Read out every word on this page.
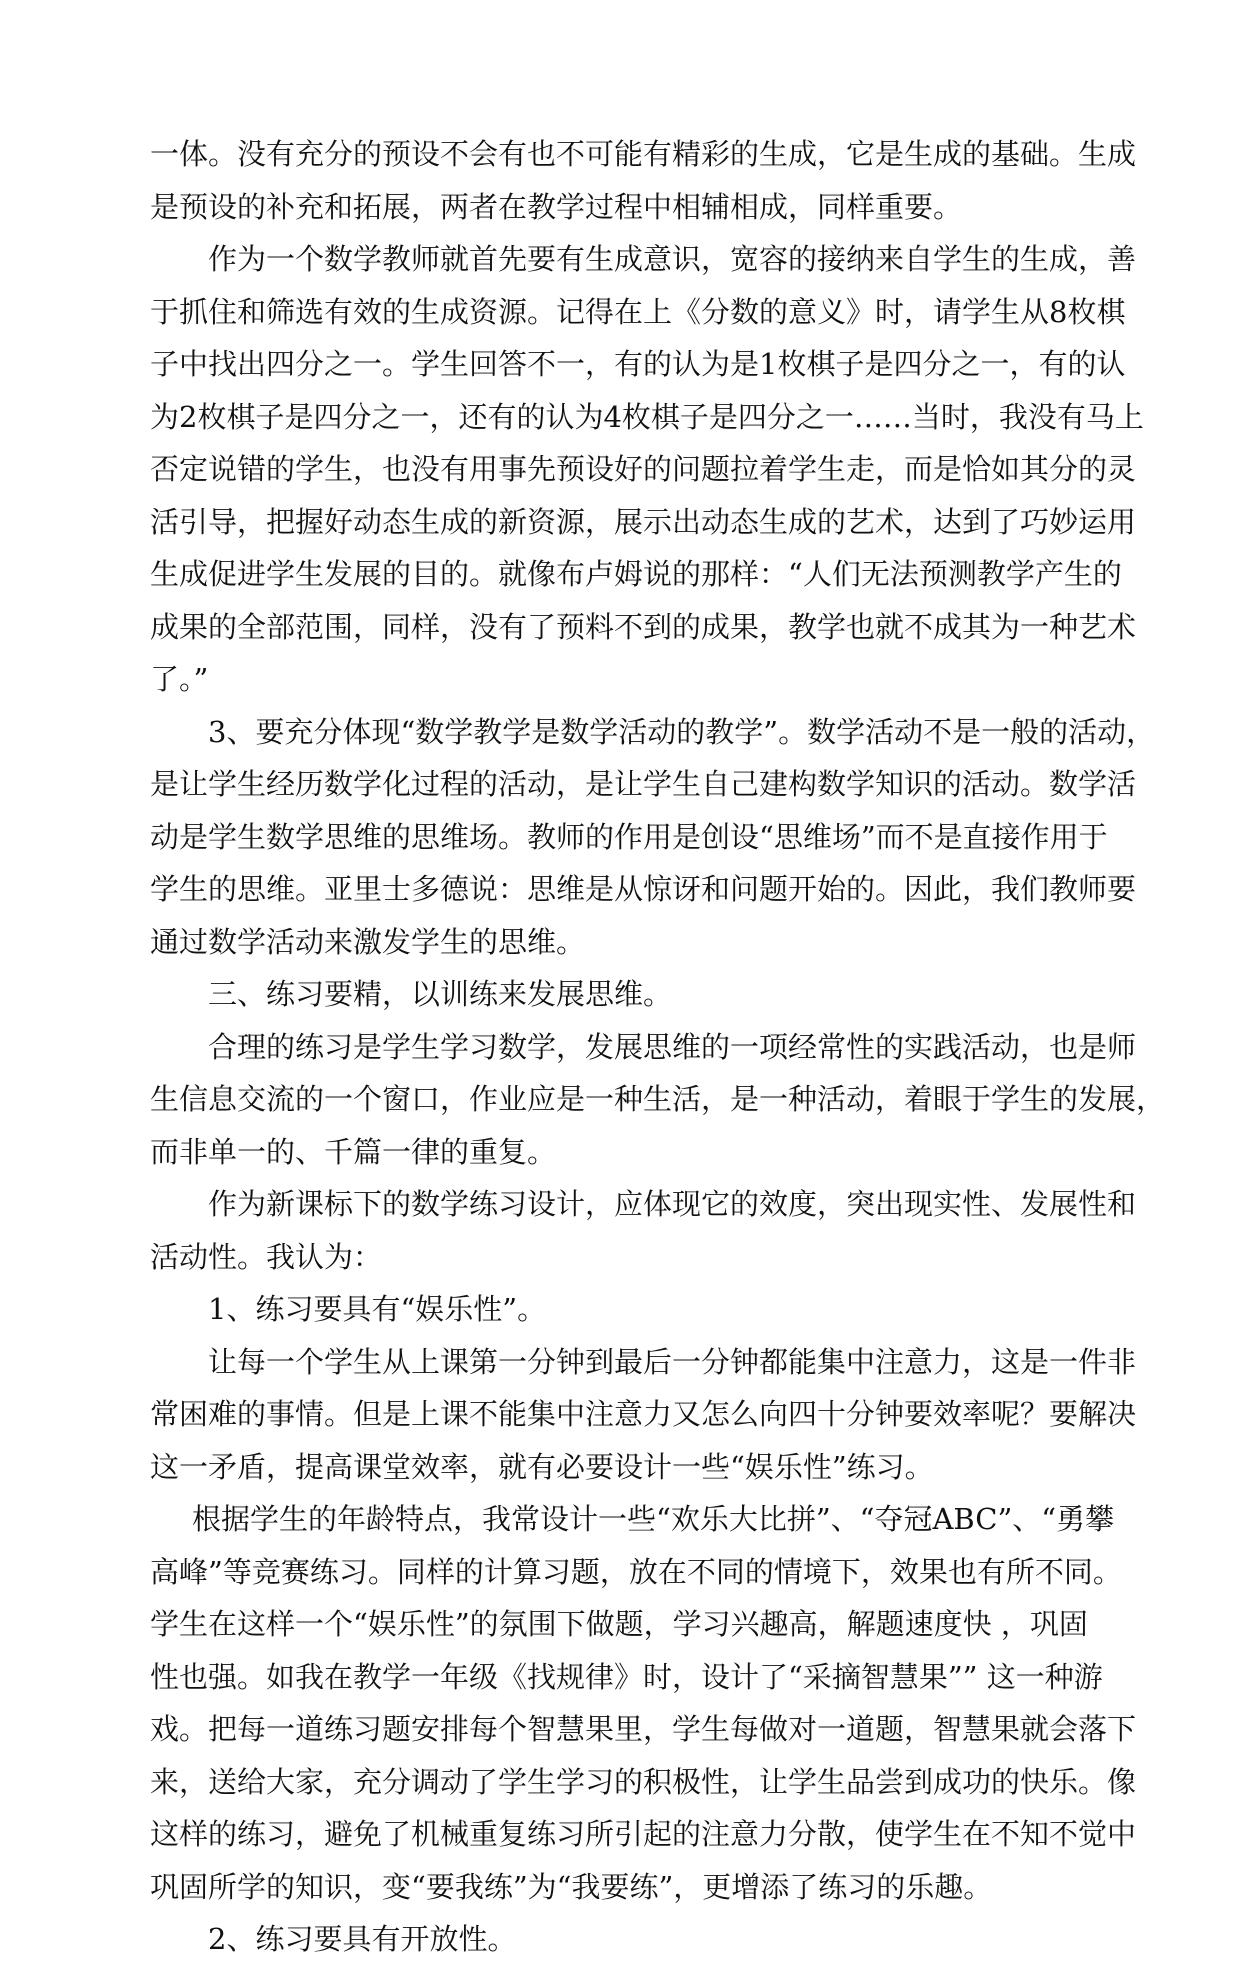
一体。没有充分的预设不会有也不可能有精彩的生成，它是生成的基础。生成
是预设的补充和拓展，两者在教学过程中相辅相成，同样重要。
作为一个数学教师就首先要有生成意识，宽容的接纳来自学生的生成，善
于抓住和筛选有效的生成资源。记得在上《分数的意义》时，请学生从8枚棋
子中找出四分之一。学生回答不一，有的认为是1枚棋子是四分之一，有的认
为2枚棋子是四分之一，还有的认为4枚棋子是四分之一……当时，我没有马上
否定说错的学生，也没有用事先预设好的问题拉着学生走，而是恰如其分的灵
活引导，把握好动态生成的新资源，展示出动态生成的艺术，达到了巧妙运用
生成促进学生发展的目的。就像布卢姆说的那样：“人们无法预测教学产生的
成果的全部范围，同样，没有了预料不到的成果，教学也就不成其为一种艺术
了。”
3、要充分体现“数学教学是数学活动的教学”。数学活动不是一般的活动，
是让学生经历数学化过程的活动，是让学生自己建构数学知识的活动。数学活
动是学生数学思维的思维场。教师的作用是创设“思维场”而不是直接作用于
学生的思维。亚里士多德说：思维是从惊讶和问题开始的。因此，我们教师要
通过数学活动来激发学生的思维。
三、练习要精，以训练来发展思维。
合理的练习是学生学习数学，发展思维的一项经常性的实践活动，也是师
生信息交流的一个窗口，作业应是一种生活，是一种活动，着眼于学生的发展，
而非单一的、千篇一律的重复。
作为新课标下的数学练习设计，应体现它的效度，突出现实性、发展性和
活动性。我认为：
1、练习要具有“娱乐性”。
让每一个学生从上课第一分钟到最后一分钟都能集中注意力，这是一件非
常困难的事情。但是上课不能集中注意力又怎么向四十分钟要效率呢？要解决
这一矛盾，提高课堂效率，就有必要设计一些“娱乐性”练习。
根据学生的年龄特点，我常设计一些“欢乐大比拼”、“夺冠ABC”、“勇攀
高峰”等竞赛练习。同样的计算习题，放在不同的情境下，效果也有所不同。
学生在这样一个“娱乐性”的氛围下做题，学习兴趣高，解题速度快 ，巩固
性也强。如我在教学一年级《找规律》时，设计了“采摘智慧果”” 这一种游
戏。把每一道练习题安排每个智慧果里，学生每做对一道题，智慧果就会落下
来，送给大家，充分调动了学生学习的积极性，让学生品尝到成功的快乐。像
这样的练习，避免了机械重复练习所引起的注意力分散，使学生在不知不觉中
巩固所学的知识，变“要我练”为“我要练”，更增添了练习的乐趣。
2、练习要具有开放性。
